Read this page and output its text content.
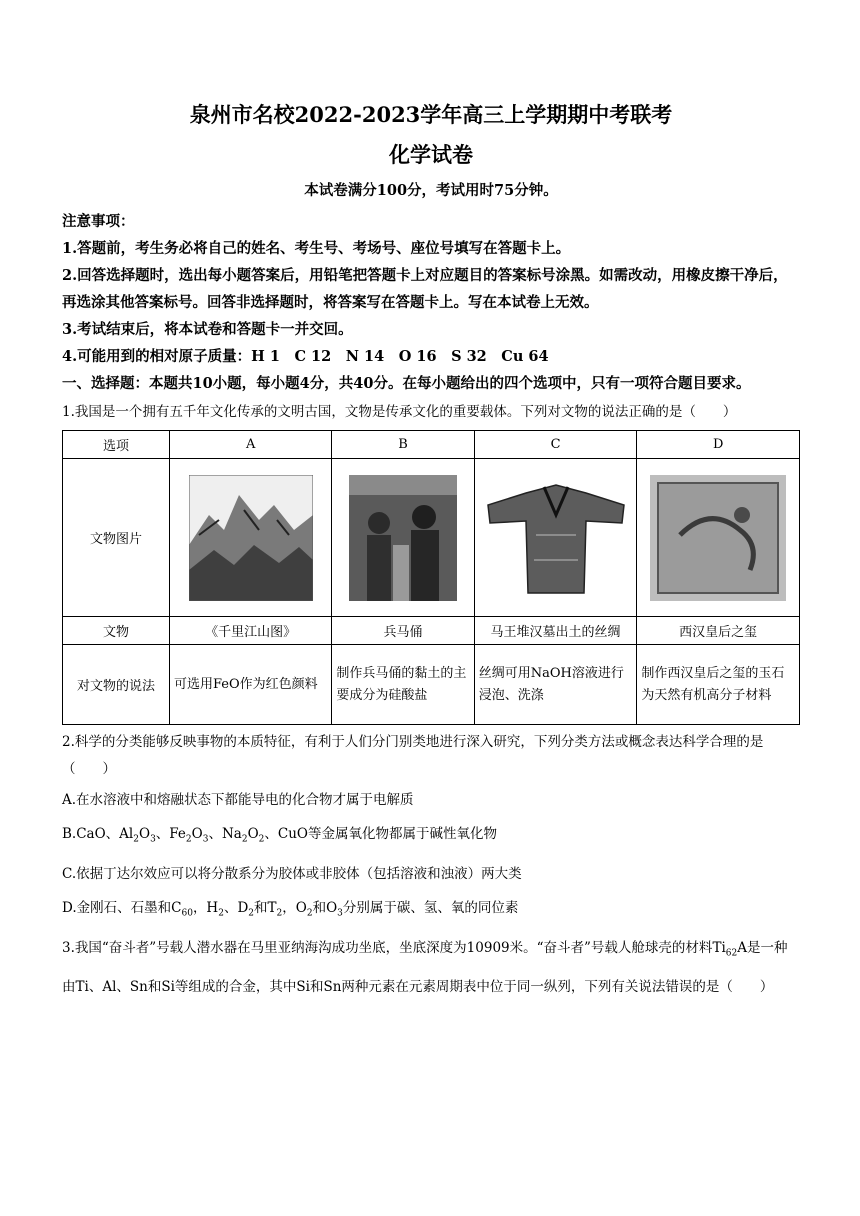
泉州市名校2022-2023学年高三上学期期中考联考
化学试卷
本试卷满分100分，考试用时75分钟。
注意事项：
1.答题前，考生务必将自己的姓名、考生号、考场号、座位号填写在答题卡上。
2.回答选择题时，选出每小题答案后，用铅笔把答题卡上对应题目的答案标号涂黑。如需改动，用橡皮擦干净后，再选涂其他答案标号。回答非选择题时，将答案写在答题卡上。写在本试卷上无效。
3.考试结束后，将本试卷和答题卡一并交回。
4.可能用到的相对原子质量：H 1　C 12　N 14　O 16　S 32　Cu 64
一、选择题：本题共10小题，每小题4分，共40分。在每小题给出的四个选项中，只有一项符合题目要求。
1.我国是一个拥有五千年文化传承的文明古国，文物是传承文化的重要载体。下列对文物的说法正确的是（　　）
选项	A	B	C	D
文物图片	

文物	《千里江山图》	兵马俑	马王堆汉墓出土的丝绸	西汉皇后之玺
对文物的说法	可选用FeO作为红色颜料	制作兵马俑的黏土的主要成分为硅酸盐	丝绸可用NaOH溶液进行浸泡、洗涤	制作西汉皇后之玺的玉石为天然有机高分子材料
2.科学的分类能够反映事物的本质特征，有利于人们分门别类地进行深入研究，下列分类方法或概念表达科学合理的是（　　）
A.在水溶液中和熔融状态下都能导电的化合物才属于电解质
B.CaO、$Al_2O_3$、$Fe_2O_3$、$Na_2O_2$、CuO等金属氧化物都属于碱性氧化物
C.依据丁达尔效应可以将分散系分为胶体或非胶体（包括溶液和浊液）两大类
D.金刚石、石墨和$C_{60}$，$H_2$、$D_2$和$T_2$，$O_2$和$O_3$分别属于碳、氢、氧的同位素
3.我国“奋斗者”号载人潜水器在马里亚纳海沟成功坐底，坐底深度为10909米。“奋斗者”号载人舱球壳的材料$Ti_{62}A$是一种由Ti、Al、Sn和Si等组成的合金，其中Si和Sn两种元素在元素周期表中位于同一纵列，下列有关说法错误的是（　　）
